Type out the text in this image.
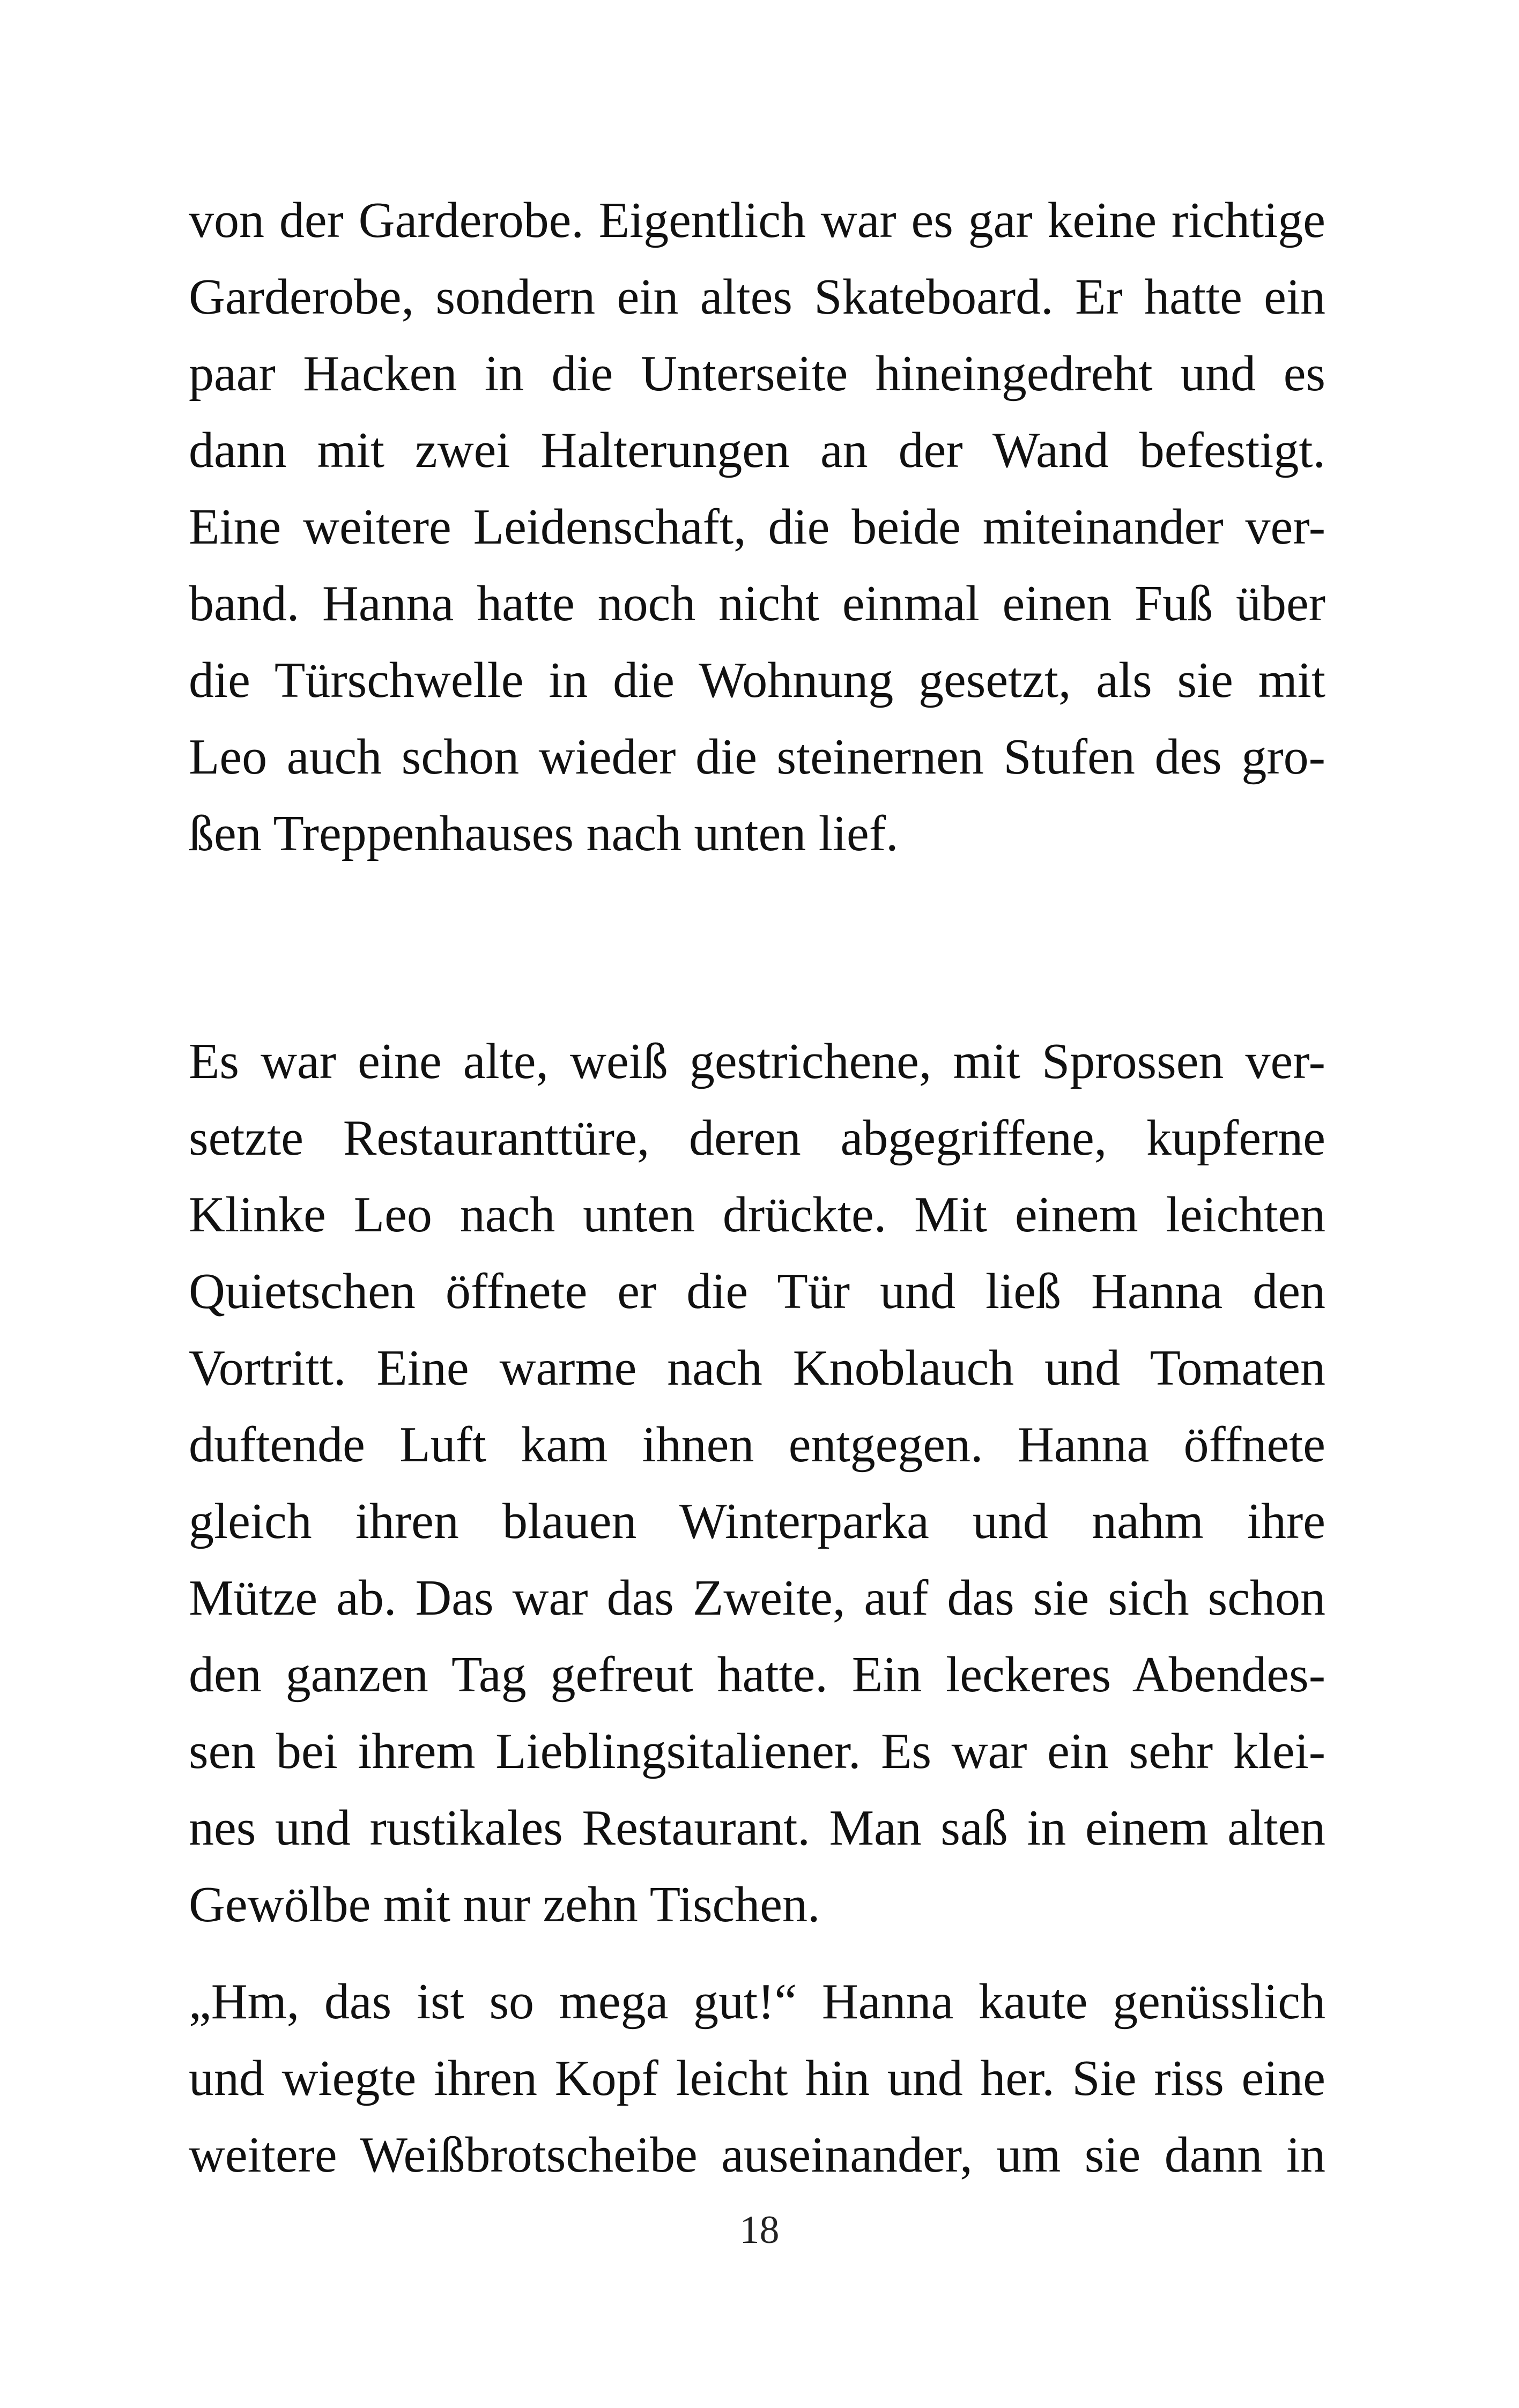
von der Garderobe. Eigentlich war es gar keine richtige
Garderobe, sondern ein altes Skateboard. Er hatte ein
paar Hacken in die Unterseite hineingedreht und es
dann mit zwei Halterungen an der Wand befestigt.
Eine weitere Leidenschaft, die beide miteinander ver-
band. Hanna hatte noch nicht einmal einen Fuß über
die Türschwelle in die Wohnung gesetzt, als sie mit
Leo auch schon wieder die steinernen Stufen des gro-
ßen Treppenhauses nach unten lief.
Es war eine alte, weiß gestrichene, mit Sprossen ver-
setzte Restauranttüre, deren abgegriffene, kupferne
Klinke Leo nach unten drückte. Mit einem leichten
Quietschen öffnete er die Tür und ließ Hanna den
Vortritt. Eine warme nach Knoblauch und Tomaten
duftende Luft kam ihnen entgegen. Hanna öffnete
gleich ihren blauen Winterparka und nahm ihre
Mütze ab. Das war das Zweite, auf das sie sich schon
den ganzen Tag gefreut hatte. Ein leckeres Abendes-
sen bei ihrem Lieblingsitaliener. Es war ein sehr klei-
nes und rustikales Restaurant. Man saß in einem alten
Gewölbe mit nur zehn Tischen.
„Hm, das ist so mega gut!“ Hanna kaute genüsslich
und wiegte ihren Kopf leicht hin und her. Sie riss eine
weitere Weißbrotscheibe auseinander, um sie dann in
18
